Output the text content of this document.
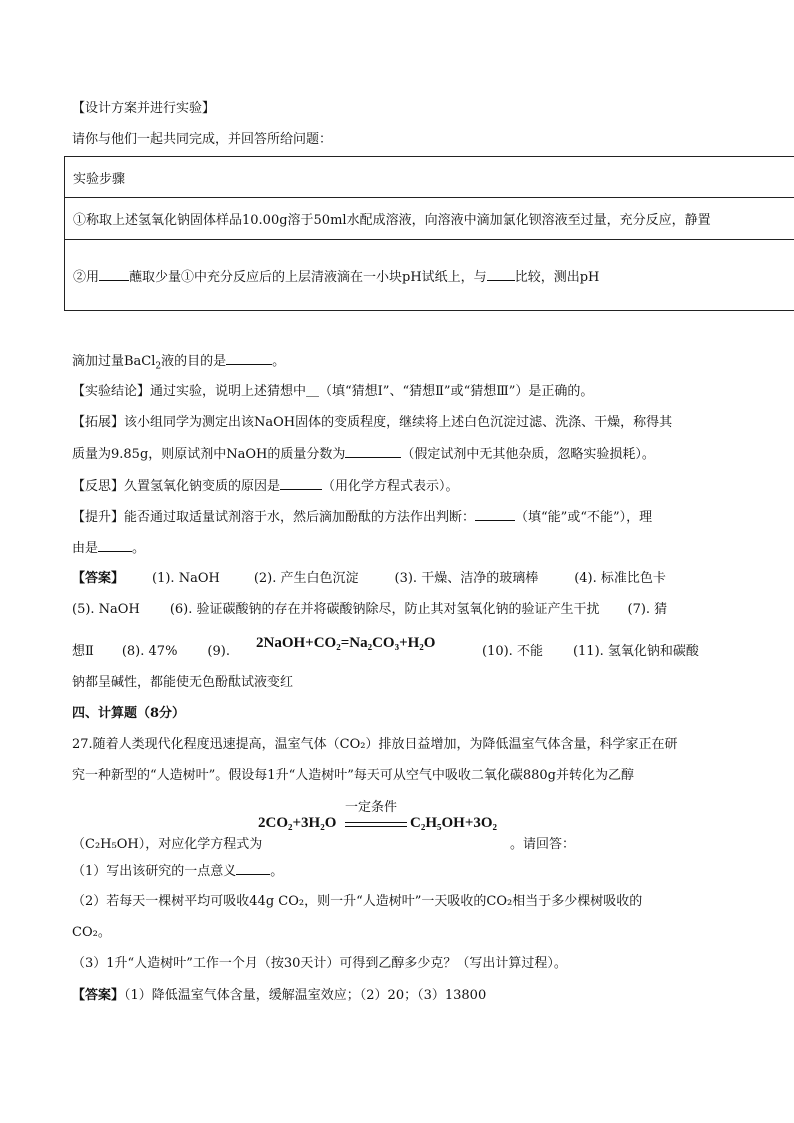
【设计方案并进行实验】
请你与他们一起共同完成，并回答所给问题：
实验步骤
①称取上述氢氧化钠固体样品10.00g溶于50ml水配成溶液，向溶液中滴加氯化钡溶液至过量，充分反应，静置
②用 蘸取少量①中充分反应后的上层清液滴在一小块pH试纸上，与 比较，测出pH
滴加过量BaCl$_2$液的目的是	。
【实验结论】通过实验，说明上述猜想中＿（填“猜想Ⅰ”、“猜想Ⅱ”或“猜想Ⅲ”）是正确的。
【拓展】该小组同学为测定出该NaOH固体的变质程度，继续将上述白色沉淀过滤、洗涤、干燥，称得其
质量为9.85g，则原试剂中NaOH的质量分数为	（假定试剂中无其他杂质，忽略实验损耗）。
【反思】久置氢氧化钠变质的原因是	（用化学方程式表示）。
【提升】能否通过取适量试剂溶于水，然后滴加酚酞的方法作出判断：	（填“能”或“不能”），理
由是	。
【答案】 (1). NaOH	(2). 产生白色沉淀	(3). 干燥、洁净的玻璃棒	(4). 标准比色卡
(5). NaOH (6). 验证碳酸钠的存在并将碳酸钠除尽，防止其对氢氧化钠的验证产生干扰 (7). 猜
想Ⅱ (8). 47% (9).
2NaOH+CO₂=Na₂CO₃+H₂O
(10). 不能 (11). 氢氧化钠和碳酸
钠都呈碱性，都能使无色酚酞试液变红
四、计算题（8分）
27.随着人类现代化程度迅速提高，温室气体（CO₂）排放日益增加，为降低温室气体含量，科学家正在研
究一种新型的“人造树叶”。假设每1升“人造树叶”每天可从空气中吸收二氧化碳880g并转化为乙醇
一定条件
2CO₂+3H₂O	C₂H₅OH+3O₂
（C₂H₅OH），对应化学方程式为	。请回答：
（1）写出该研究的一点意义	。
（2）若每天一棵树平均可吸收44g CO₂，则一升“人造树叶”一天吸收的CO₂相当于多少棵树吸收的
CO₂。
（3）1升“人造树叶”工作一个月（按30天计）可得到乙醇多少克？（写出计算过程）。
【答案】（1）降低温室气体含量，缓解温室效应；（2）20；（3）13800
